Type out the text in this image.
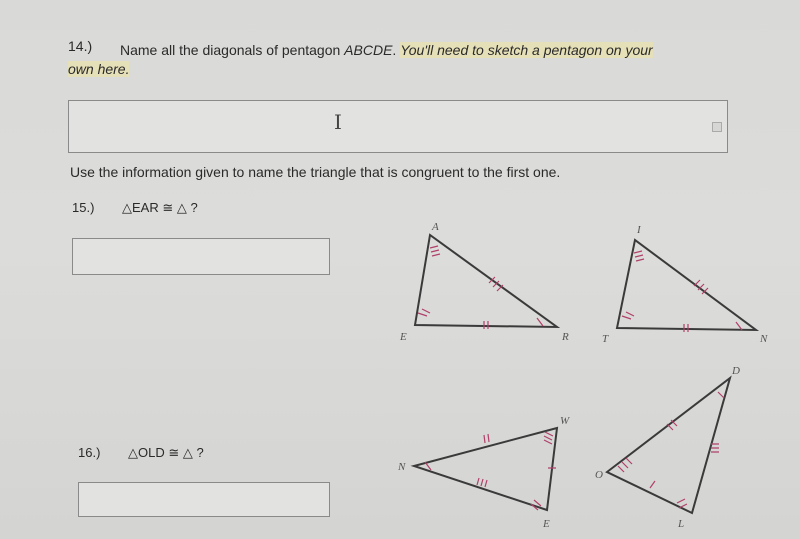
14.) Name all the diagonals of pentagon ABCDE. You'll need to sketch a pentagon on your
own here.
I
Use the information given to name the triangle that is congruent to the first one.
15.) △EAR ≅ △ ?
16.) △OLD ≅ △ ?
A
E	R
I
T	N
W
N
E
D
O
L
